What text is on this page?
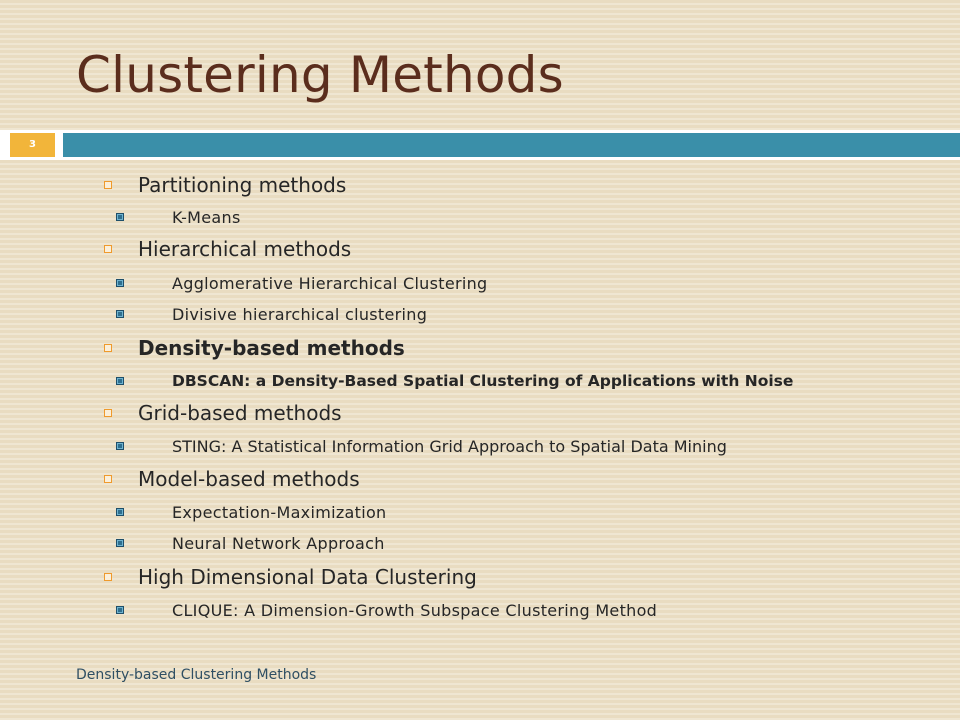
Clustering Methods
3
Partitioning methods
K-Means
Hierarchical methods
Agglomerative Hierarchical Clustering
Divisive hierarchical clustering
Density-based methods
DBSCAN: a Density-Based Spatial Clustering of Applications with Noise
Grid-based methods
STING: A Statistical Information Grid Approach to Spatial Data Mining
Model-based methods
Expectation-Maximization
Neural Network Approach
High Dimensional Data Clustering
CLIQUE: A Dimension-Growth Subspace Clustering Method
Density-based Clustering Methods
